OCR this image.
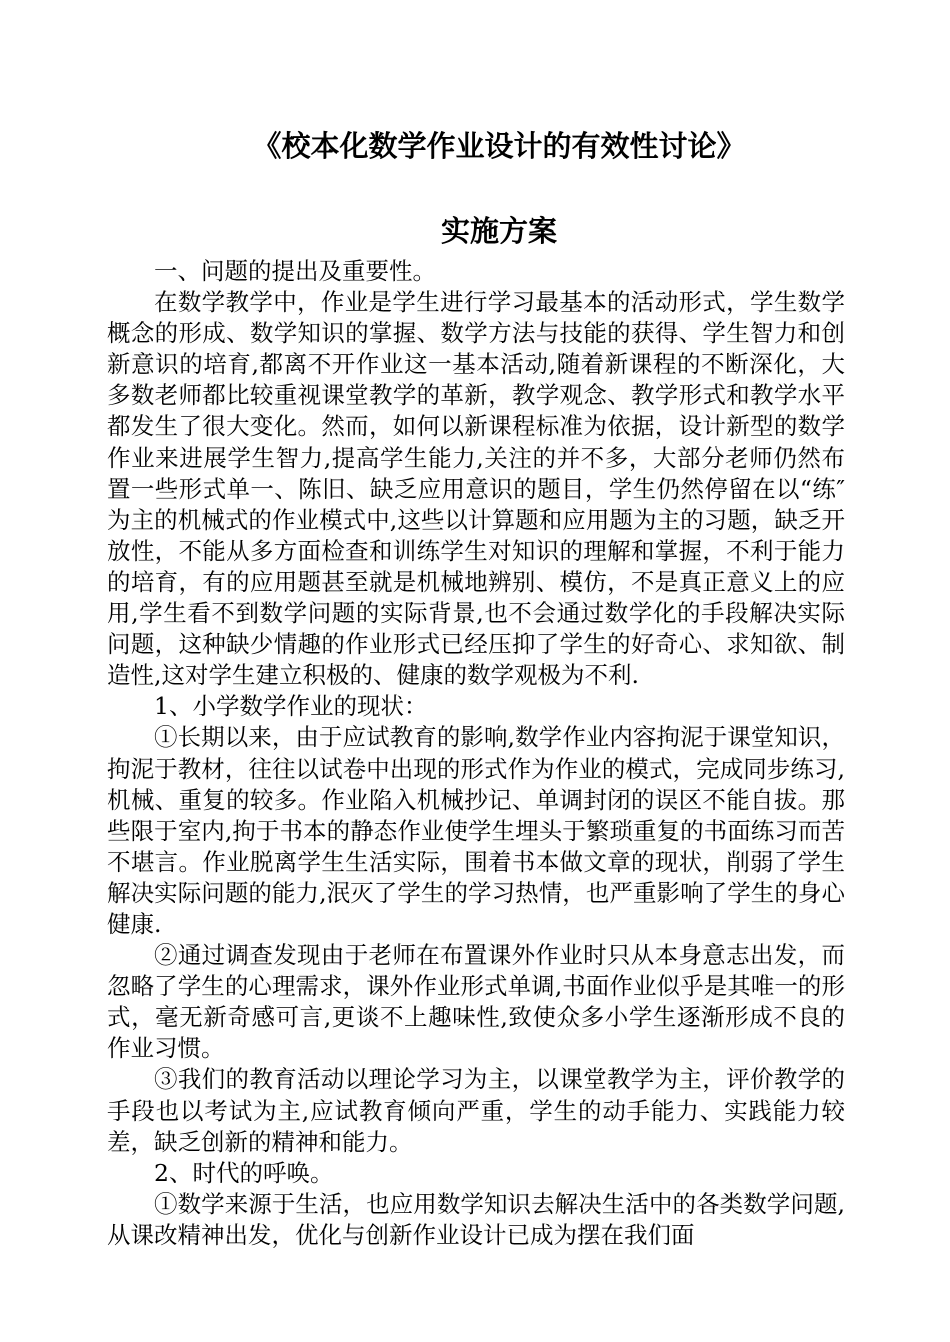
《校本化数学作业设计的有效性讨论》
实施方案

一、问题的提出及重要性。

在数学教学中，作业是学生进行学习最基本的活动形式，学生数学概念的形成、数学知识的掌握、数学方法与技能的获得、学生智力和创新意识的培育,都离不开作业这一基本活动,随着新课程的不断深化，大多数老师都比较重视课堂教学的革新，教学观念、教学形式和教学水平都发生了很大变化。然而，如何以新课程标准为依据，设计新型的数学作业来进展学生智力,提高学生能力,关注的并不多，大部分老师仍然布置一些形式单一、陈旧、缺乏应用意识的题目，学生仍然停留在以“练″为主的机械式的作业模式中,这些以计算题和应用题为主的习题，缺乏开放性，不能从多方面检查和训练学生对知识的理解和掌握，不利于能力的培育，有的应用题甚至就是机械地辨别、模仿，不是真正意义上的应用,学生看不到数学问题的实际背景,也不会通过数学化的手段解决实际问题，这种缺少情趣的作业形式已经压抑了学生的好奇心、求知欲、制造性,这对学生建立积极的、健康的数学观极为不利.

1、小学数学作业的现状：

①长期以来，由于应试教育的影响,数学作业内容拘泥于课堂知识，拘泥于教材，往往以试卷中出现的形式作为作业的模式，完成同步练习,机械、重复的较多。作业陷入机械抄记、单调封闭的误区不能自拔。那些限于室内,拘于书本的静态作业使学生埋头于繁琐重复的书面练习而苦不堪言。作业脱离学生生活实际，围着书本做文章的现状，削弱了学生解决实际问题的能力,泯灭了学生的学习热情，也严重影响了学生的身心健康.

②通过调查发现由于老师在布置课外作业时只从本身意志出发，而忽略了学生的心理需求，课外作业形式单调,书面作业似乎是其唯一的形式，毫无新奇感可言,更谈不上趣味性,致使众多小学生逐渐形成不良的作业习惯。

③我们的教育活动以理论学习为主，以课堂教学为主，评价教学的手段也以考试为主,应试教育倾向严重，学生的动手能力、实践能力较差，缺乏创新的精神和能力。

2、时代的呼唤。

①数学来源于生活，也应用数学知识去解决生活中的各类数学问题,从课改精神出发，优化与创新作业设计已成为摆在我们面
